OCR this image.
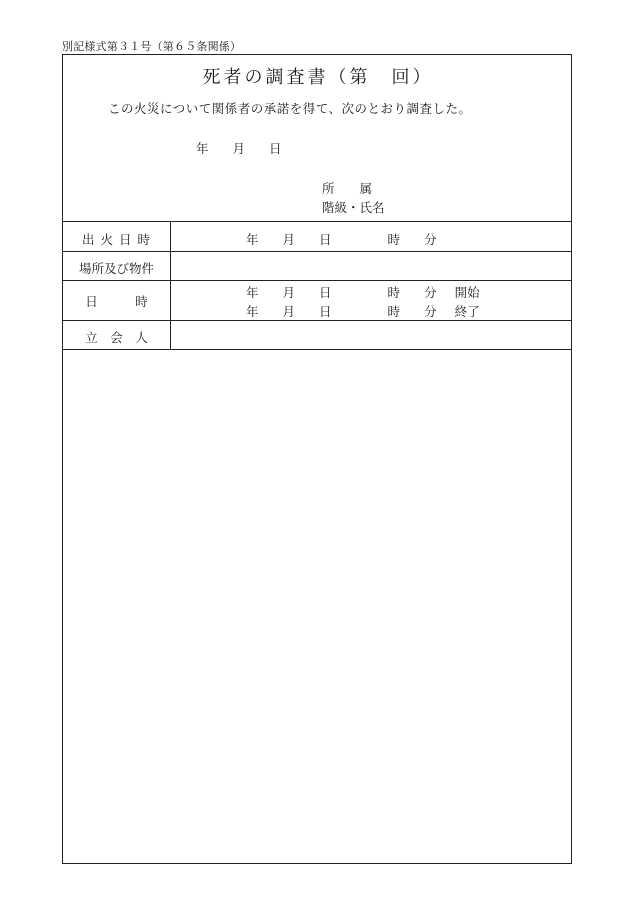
別記様式第３１号（第６５条関係）
死者の調査書（第　回）
この火災について関係者の承諾を得て、次のとおり調査した。
年 月 日
所　　属
階級・氏名
出 火 日 時	年 月 日	時 分
場所及び物件
日　　　時
年 月 日	時 分 開始
年 月 日	時 分 終了
立　会　人
